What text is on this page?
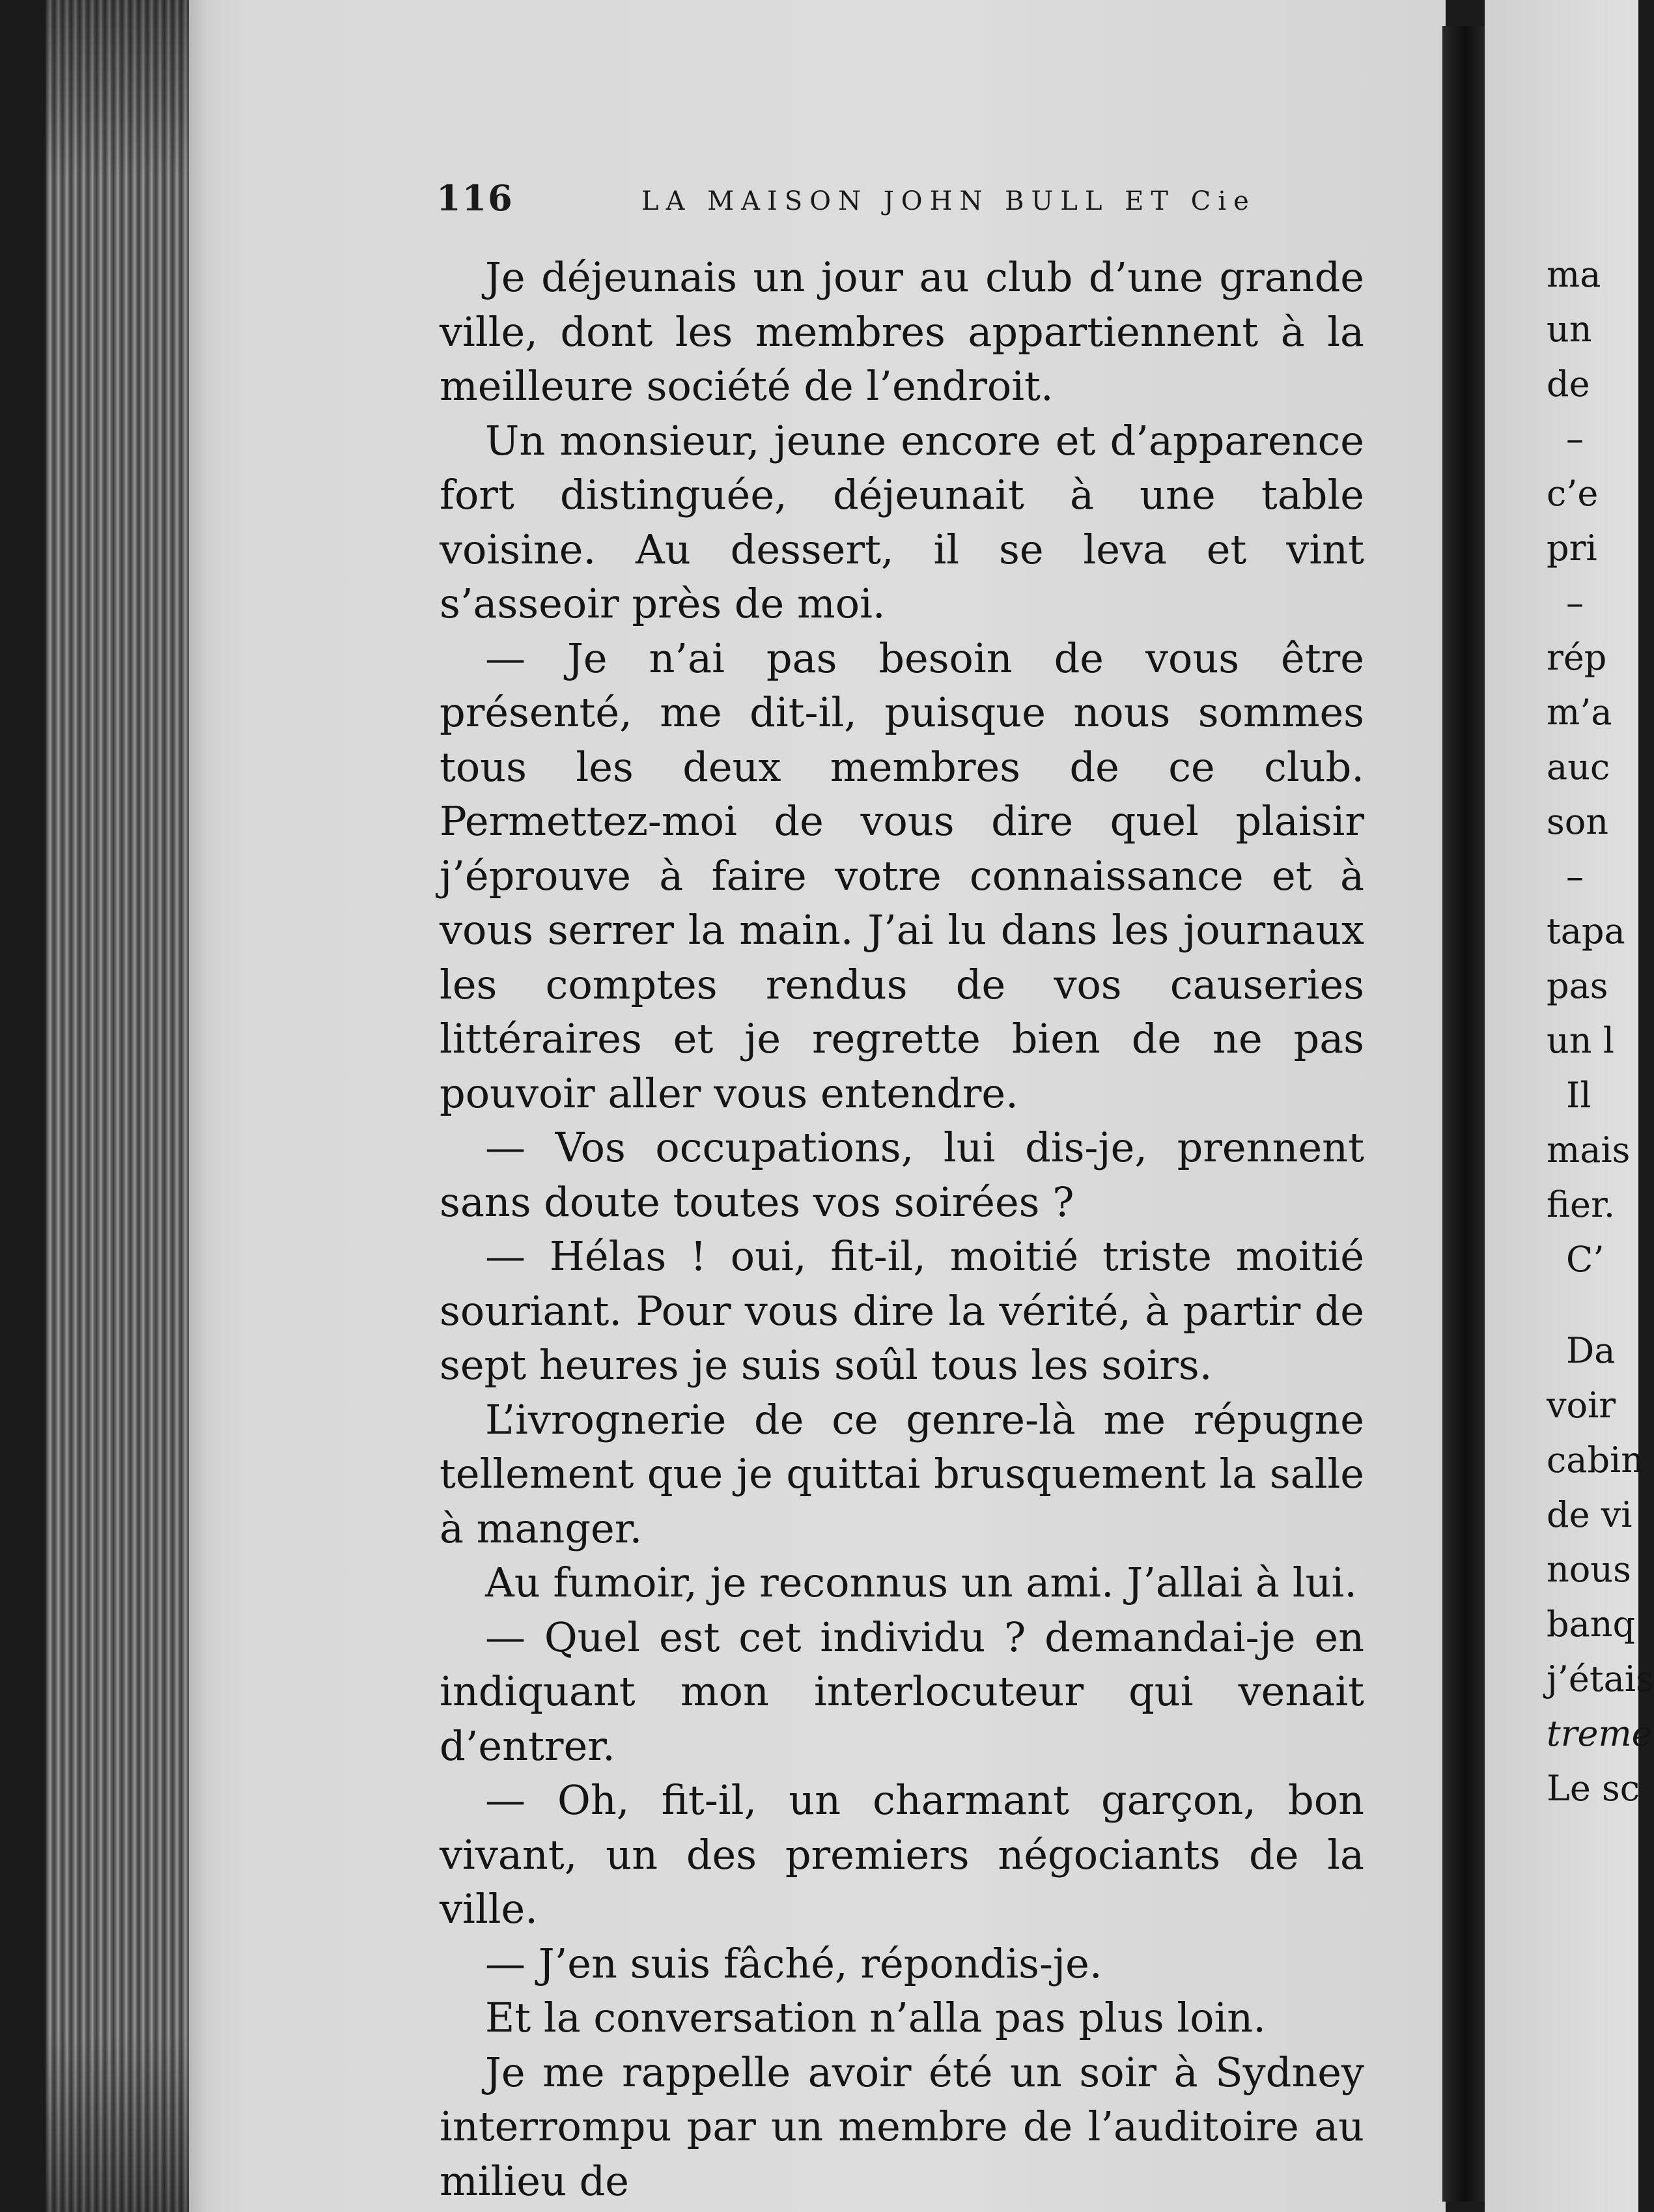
116	LA MAISON JOHN BULL ET Cie

Je déjeunais un jour au club d’une grande ville, dont les membres appartiennent à la meilleure société de l’endroit.

Un monsieur, jeune encore et d’apparence fort distinguée, déjeunait à une table voisine. Au dessert, il se leva et vint s’asseoir près de moi.

— Je n’ai pas besoin de vous être présenté, me dit-il, puisque nous sommes tous les deux membres de ce club. Permettez-moi de vous dire quel plaisir j’éprouve à faire votre connaissance et à vous serrer la main. J’ai lu dans les journaux les comptes rendus de vos causeries littéraires et je regrette bien de ne pas pouvoir aller vous entendre.

— Vos occupations, lui dis-je, prennent sans doute toutes vos soirées ?

— Hélas ! oui, fit-il, moitié triste moitié souriant. Pour vous dire la vérité, à partir de sept heures je suis soûl tous les soirs.

L’ivrognerie de ce genre-là me répugne tellement que je quittai brusquement la salle à manger.

Au fumoir, je reconnus un ami. J’allai à lui.

— Quel est cet individu ? demandai-je en indiquant mon interlocuteur qui venait d’entrer.

— Oh, fit-il, un charmant garçon, bon vivant, un des premiers négociants de la ville.

— J’en suis fâché, répondis-je.

Et la conversation n’alla pas plus loin.

Je me rappelle avoir été un soir à Sydney interrompu par un membre de l’auditoire au milieu de

ma
un
de
–
c’e
pri
–
rép
m’a
auc
son
–
tapa
pas
un l
Il
mais
fier.
C’
Da
voir
cabin
de vi
nous
banq
j’étais
treme
Le sc
